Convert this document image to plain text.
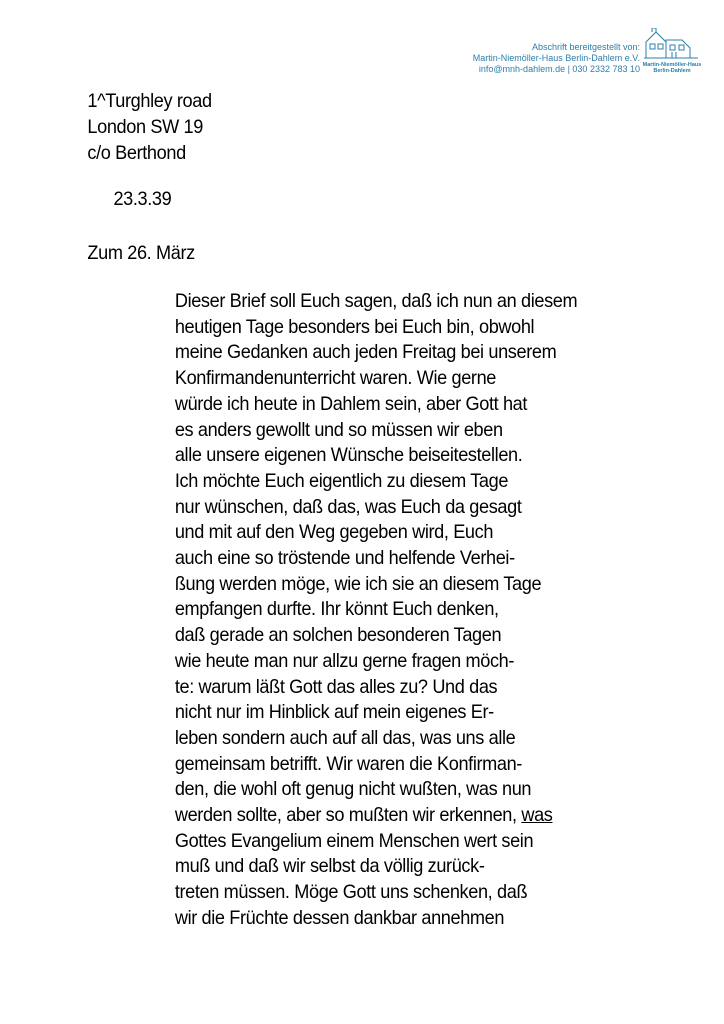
Abschrift bereitgestellt von:
Martin-Niemöller-Haus Berlin-Dahlem e.V.
info@mnh-dahlem.de | 030 2332 783 10 Martin-Niemöller-Haus
Berlin-Dahlem
1^Turghley road
London SW 19
c/o Berthond
23.3.39
Zum 26. März
Dieser Brief soll Euch sagen, daß ich nun an diesem
heutigen Tage besonders bei Euch bin, obwohl
meine Gedanken auch jeden Freitag bei unserem
Konfirmandenunterricht waren. Wie gerne
würde ich heute in Dahlem sein, aber Gott hat
es anders gewollt und so müssen wir eben
alle unsere eigenen Wünsche beiseitestellen.
Ich möchte Euch eigentlich zu diesem Tage
nur wünschen, daß das, was Euch da gesagt
und mit auf den Weg gegeben wird, Euch
auch eine so tröstende und helfende Verhei-
ßung werden möge, wie ich sie an diesem Tage
empfangen durfte. Ihr könnt Euch denken,
daß gerade an solchen besonderen Tagen
wie heute man nur allzu gerne fragen möch-
te: warum läßt Gott das alles zu? Und das
nicht nur im Hinblick auf mein eigenes Er-
leben sondern auch auf all das, was uns alle
gemeinsam betrifft. Wir waren die Konfirman-
den, die wohl oft genug nicht wußten, was nun
werden sollte, aber so mußten wir erkennen, was
Gottes Evangelium einem Menschen wert sein
muß und daß wir selbst da völlig zurück-
treten müssen. Möge Gott uns schenken, daß
wir die Früchte dessen dankbar annehmen
